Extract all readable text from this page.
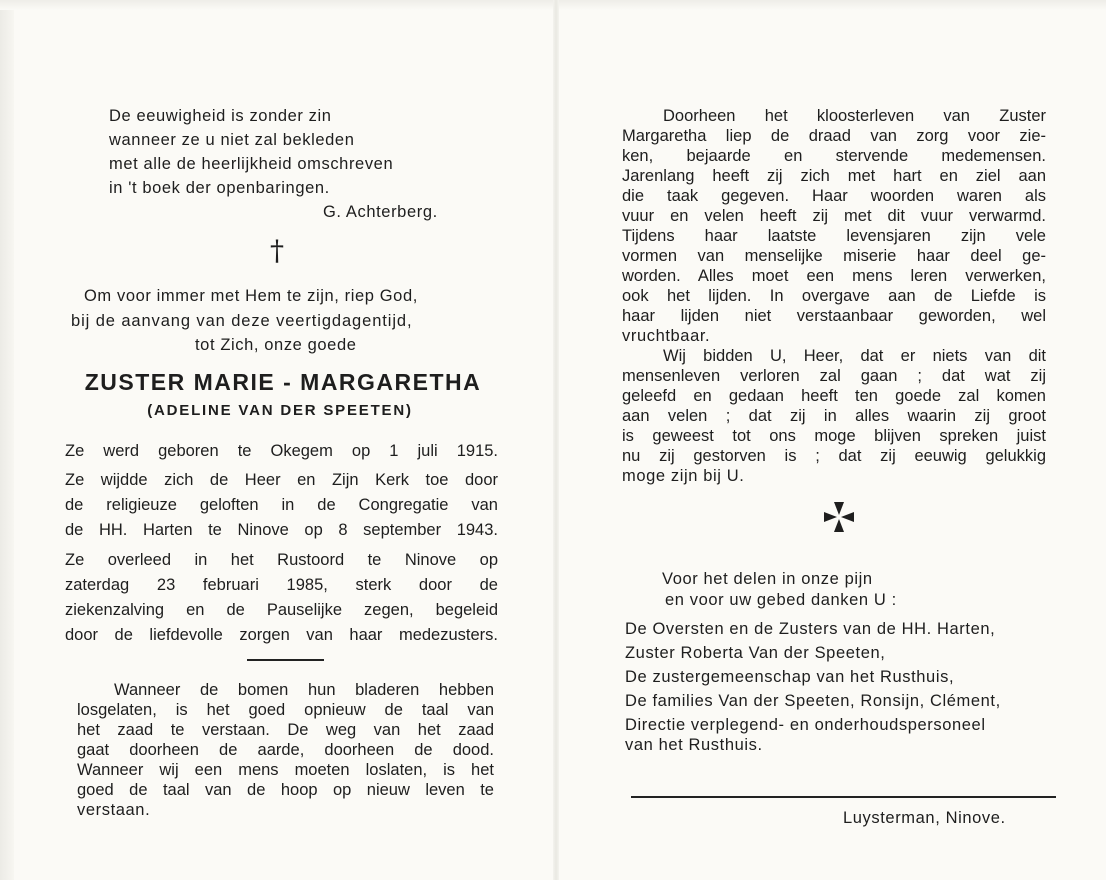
De eeuwigheid is zonder zin
wanneer ze u niet zal bekleden
met alle de heerlijkheid omschreven
in 't boek der openbaringen.
G. Achterberg.
†
Om voor immer met Hem te zijn, riep God,
bij de aanvang van deze veertigdagentijd,
tot Zich, onze goede
ZUSTER MARIE - MARGARETHA
(ADELINE VAN DER SPEETEN)
Ze werd geboren te Okegem op 1 juli 1915.
Ze wijdde zich de Heer en Zijn Kerk toe door
de religieuze geloften in de Congregatie van
de HH. Harten te Ninove op 8 september 1943.
Ze overleed in het Rustoord te Ninove op
zaterdag 23 februari 1985, sterk door de
ziekenzalving en de Pauselijke zegen, begeleid
door de liefdevolle zorgen van haar medezusters.
Wanneer de bomen hun bladeren hebben
losgelaten, is het goed opnieuw de taal van
het zaad te verstaan. De weg van het zaad
gaat doorheen de aarde, doorheen de dood.
Wanneer wij een mens moeten loslaten, is het
goed de taal van de hoop op nieuw leven te
verstaan.
Doorheen het kloosterleven van Zuster
Margaretha liep de draad van zorg voor zie-
ken, bejaarde en stervende medemensen.
Jarenlang heeft zij zich met hart en ziel aan
die taak gegeven. Haar woorden waren als
vuur en velen heeft zij met dit vuur verwarmd.
Tijdens haar laatste levensjaren zijn vele
vormen van menselijke miserie haar deel ge-
worden. Alles moet een mens leren verwerken,
ook het lijden. In overgave aan de Liefde is
haar lijden niet verstaanbaar geworden, wel
vruchtbaar.
Wij bidden U, Heer, dat er niets van dit
mensenleven verloren zal gaan ; dat wat zij
geleefd en gedaan heeft ten goede zal komen
aan velen ; dat zij in alles waarin zij groot
is geweest tot ons moge blijven spreken juist
nu zij gestorven is ; dat zij eeuwig gelukkig
moge zijn bij U.
Voor het delen in onze pijn
en voor uw gebed danken U :
De Oversten en de Zusters van de HH. Harten,
Zuster Roberta Van der Speeten,
De zustergemeenschap van het Rusthuis,
De families Van der Speeten, Ronsijn, Clément,
Directie verplegend- en onderhoudspersoneel
van het Rusthuis.
Luysterman, Ninove.
